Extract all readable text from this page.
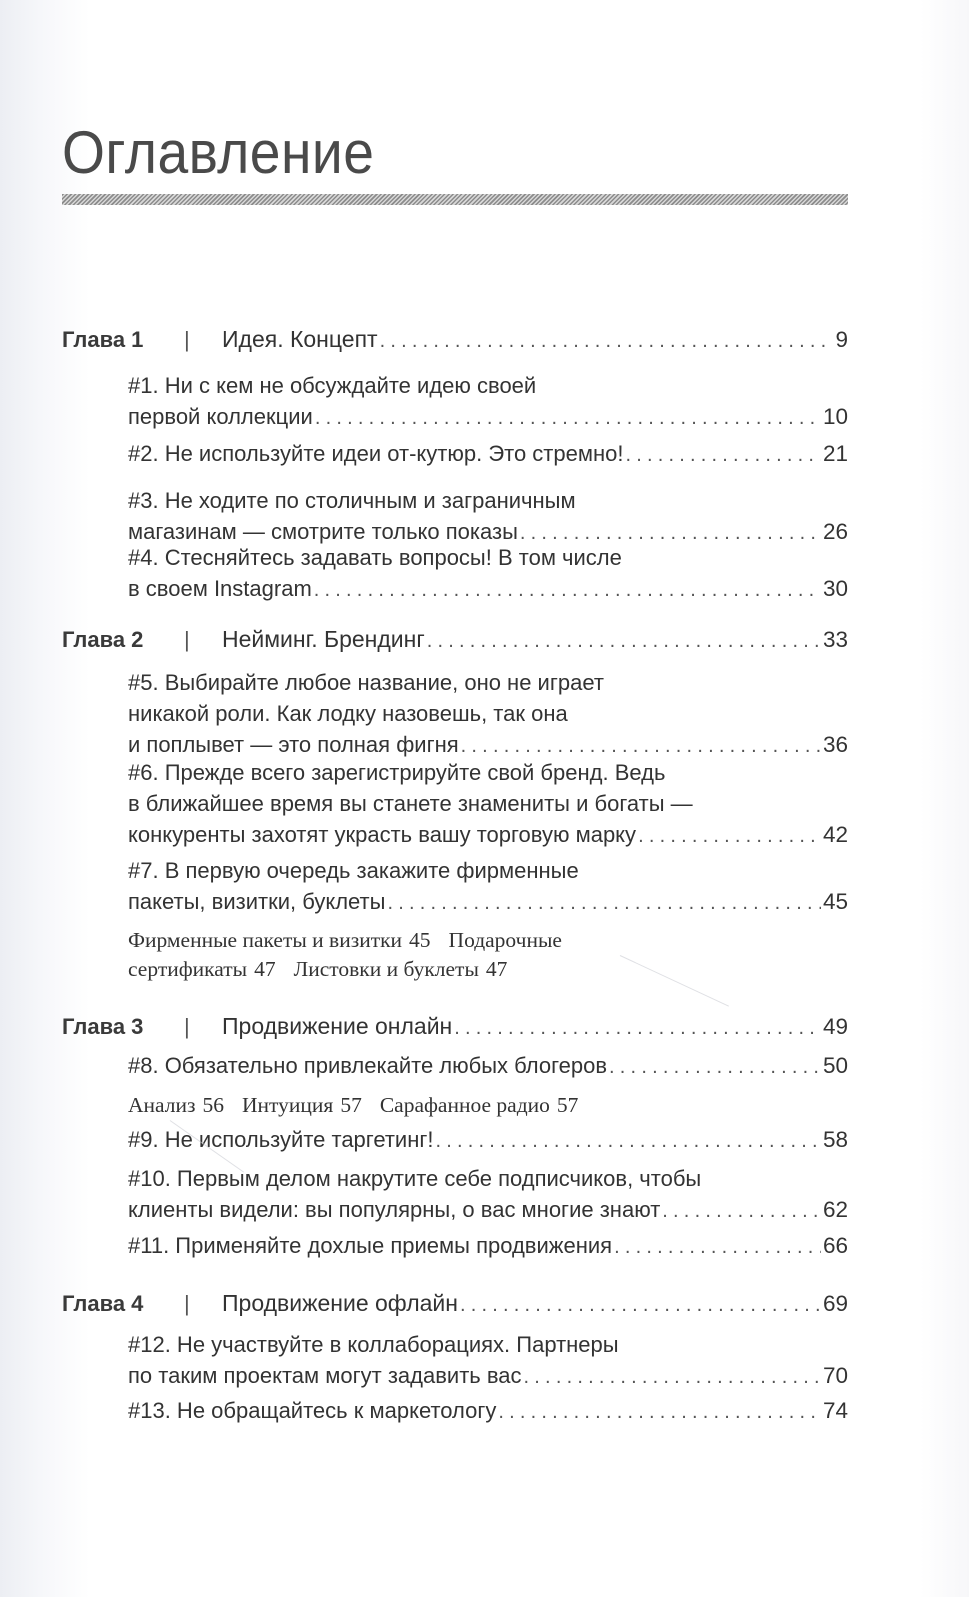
Оглавление
Глава 1	|	Идея. Концепт .....	9
#1. Ни с кем не обсуждайте идею своей
первой коллекции .....	10
#2. Не используйте идеи от-кутюр. Это стремно! .....	21
#3. Не ходите по столичным и заграничным
магазинам — смотрите только показы .....	26
#4. Стесняйтесь задавать вопросы! В том числе
в своем Instagram .....	30
Глава 2	|	Нейминг. Брендинг .....	33
#5. Выбирайте любое название, оно не играет
никакой роли. Как лодку назовешь, так она
и поплывет — это полная фигня .....	36
#6. Прежде всего зарегистрируйте свой бренд. Ведь
в ближайшее время вы станете знамениты и богаты —
конкуренты захотят украсть вашу торговую марку .....	42
#7. В первую очередь закажите фирменные
пакеты, визитки, буклеты .....	45
Фирменные пакеты и визитки 45 Подарочные
сертификаты 47 Листовки и буклеты 47
Глава 3	|	Продвижение онлайн .....	49
#8. Обязательно привлекайте любых блогеров .....	50
Анализ 56 Интуиция 57 Сарафанное радио 57
#9. Не используйте таргетинг! .....	58
#10. Первым делом накрутите себе подписчиков, чтобы
клиенты видели: вы популярны, о вас многие знают .....	62
#11. Применяйте дохлые приемы продвижения .....	66
Глава 4	|	Продвижение офлайн .....	69
#12. Не участвуйте в коллаборациях. Партнеры
по таким проектам могут задавить вас .....	70
#13. Не обращайтесь к маркетологу .....	74
